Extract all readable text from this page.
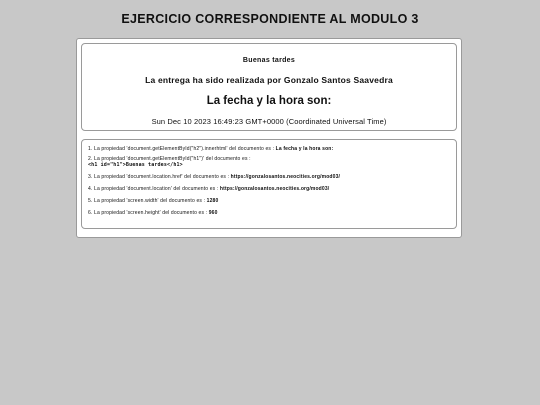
EJERCICIO CORRESPONDIENTE AL MODULO 3
Buenas tardes
La entrega ha sido realizada por Gonzalo Santos Saavedra
La fecha y la hora son:
Sun Dec 10 2023 16:49:23 GMT+0000 (Coordinated Universal Time)
1. La propiedad 'document.getElementById("h2").innerhtml' del documento es : La fecha y la hora son:
2. La propiedad 'document.getElementById("h1")' del documento es :
<h1 id="h1">Buenas tardes</h1>
3. La propiedad 'document.location.href' del documento es : https://gonzalosantos.neocities.org/mod03/
4. La propiedad 'document.location' del documento es : https://gonzalosantos.neocities.org/mod03/
5. La propiedad 'screen.width' del documento es : 1280
6. La propiedad 'screen.height' del documento es : 960
